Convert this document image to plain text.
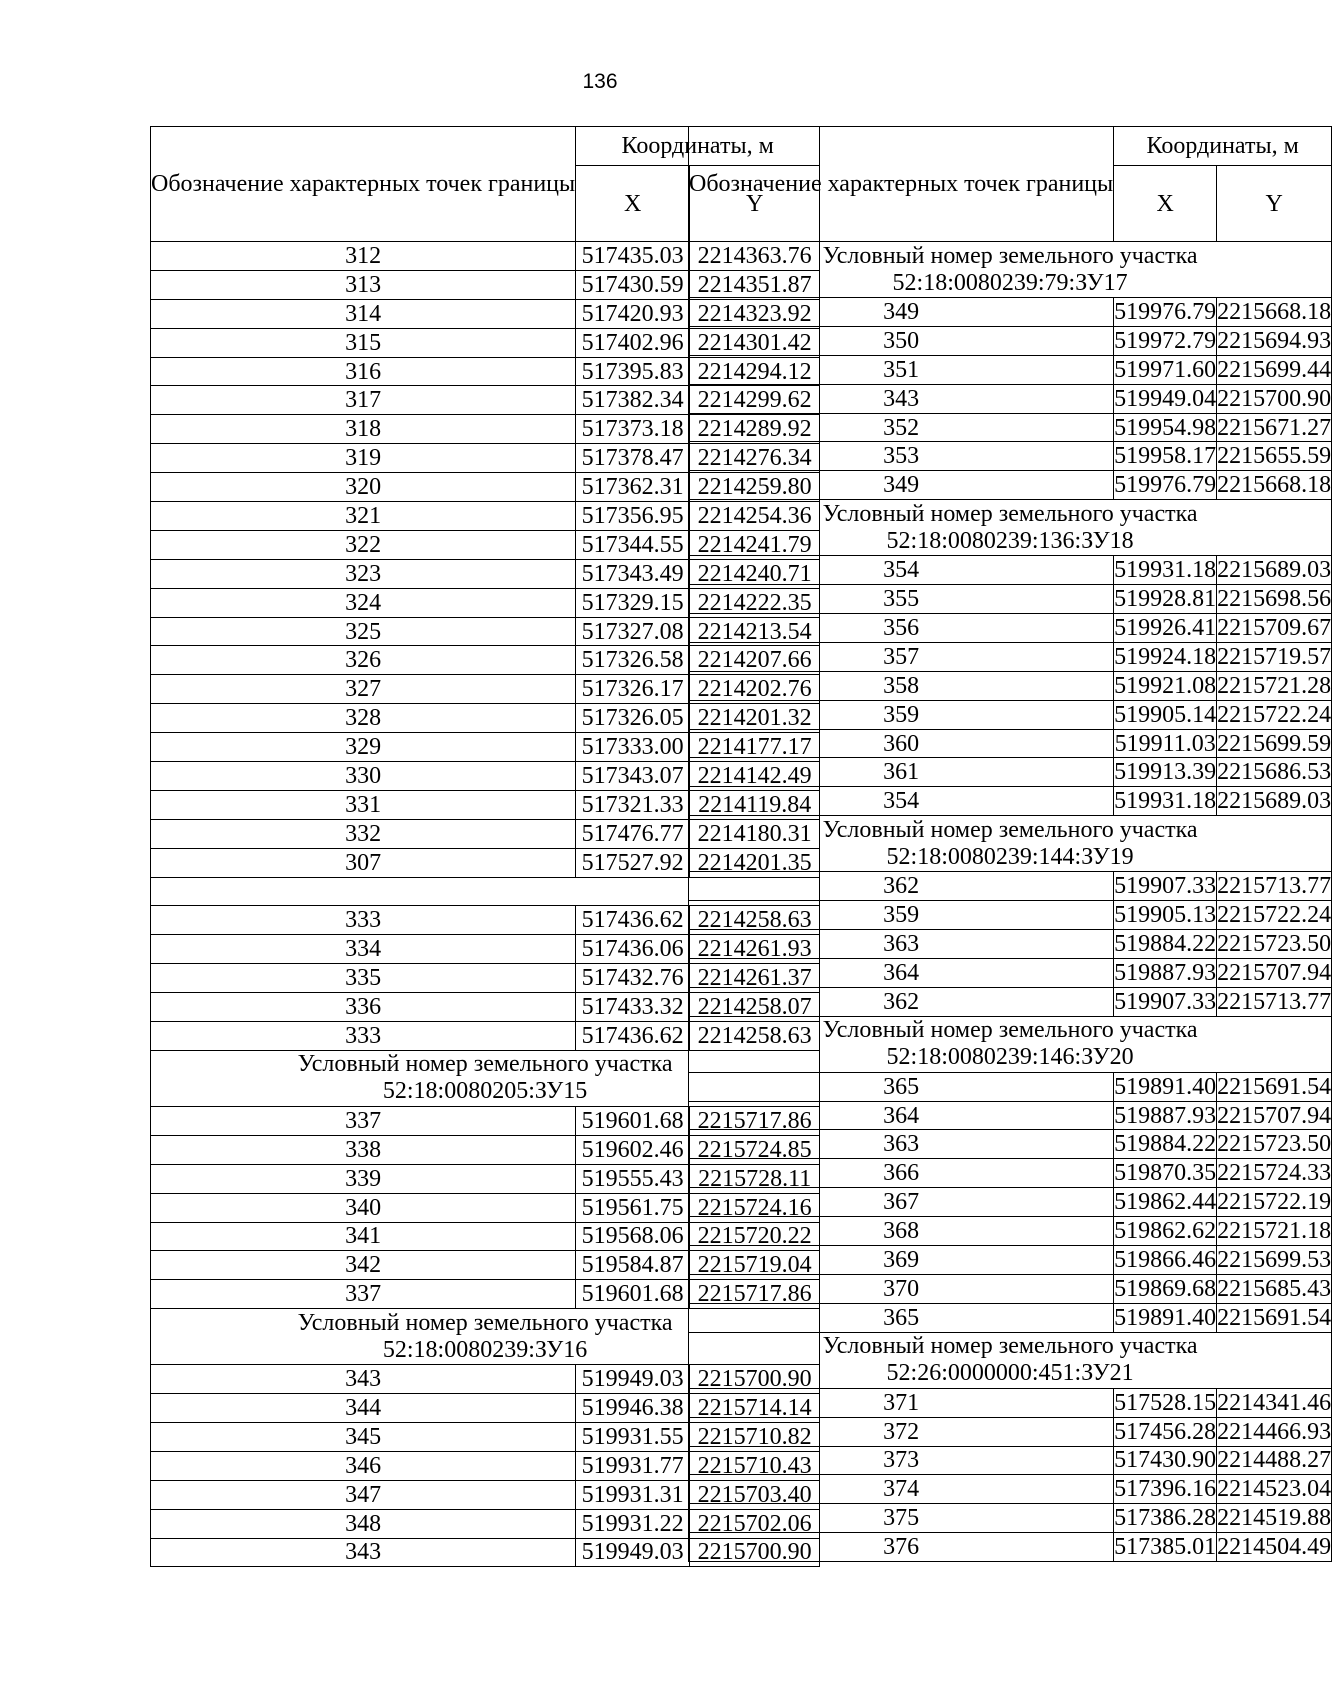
136
Обозначение характерных точек границы	Координаты, м	
	X	Y
312	517435.03	2214363.76
313	517430.59	2214351.87
314	517420.93	2214323.92
315	517402.96	2214301.42
316	517395.83	2214294.12
317	517382.34	2214299.62
318	517373.18	2214289.92
319	517378.47	2214276.34
320	517362.31	2214259.80
321	517356.95	2214254.36
322	517344.55	2214241.79
323	517343.49	2214240.71
324	517329.15	2214222.35
325	517327.08	2214213.54
326	517326.58	2214207.66
327	517326.17	2214202.76
328	517326.05	2214201.32
329	517333.00	2214177.17
330	517343.07	2214142.49
331	517321.33	2214119.84
332	517476.77	2214180.31
307	517527.92	2214201.35

333	517436.62	2214258.63
334	517436.06	2214261.93
335	517432.76	2214261.37
336	517433.32	2214258.07
333	517436.62	2214258.63

Условный номер земельного участка
52:18:0080205:ЗУ15		

337	519601.68	2215717.86
338	519602.46	2215724.85
339	519555.43	2215728.11
340	519561.75	2215724.16
341	519568.06	2215720.22
342	519584.87	2215719.04
337	519601.68	2215717.86

Условный номер земельного участка
52:18:0080239:ЗУ16		

343	519949.03	2215700.90
344	519946.38	2215714.14
345	519931.55	2215710.82
346	519931.77	2215710.43
347	519931.31	2215703.40
348	519931.22	2215702.06
343	519949.03	2215700.90
Обозначение характерных точек границы	Координаты, м	
	X	Y

Условный номер земельного участка
52:18:0080239:79:ЗУ17		

349	519976.79	2215668.18
350	519972.79	2215694.93
351	519971.60	2215699.44
343	519949.04	2215700.90
352	519954.98	2215671.27
353	519958.17	2215655.59
349	519976.79	2215668.18

Условный номер земельного участка
52:18:0080239:136:ЗУ18		

354	519931.18	2215689.03
355	519928.81	2215698.56
356	519926.41	2215709.67
357	519924.18	2215719.57
358	519921.08	2215721.28
359	519905.14	2215722.24
360	519911.03	2215699.59
361	519913.39	2215686.53
354	519931.18	2215689.03

Условный номер земельного участка
52:18:0080239:144:ЗУ19		

362	519907.33	2215713.77
359	519905.13	2215722.24
363	519884.22	2215723.50
364	519887.93	2215707.94
362	519907.33	2215713.77

Условный номер земельного участка
52:18:0080239:146:ЗУ20		

365	519891.40	2215691.54
364	519887.93	2215707.94
363	519884.22	2215723.50
366	519870.35	2215724.33
367	519862.44	2215722.19
368	519862.62	2215721.18
369	519866.46	2215699.53
370	519869.68	2215685.43
365	519891.40	2215691.54

Условный номер земельного участка
52:26:0000000:451:ЗУ21		

371	517528.15	2214341.46
372	517456.28	2214466.93
373	517430.90	2214488.27
374	517396.16	2214523.04
375	517386.28	2214519.88
376	517385.01	2214504.49
